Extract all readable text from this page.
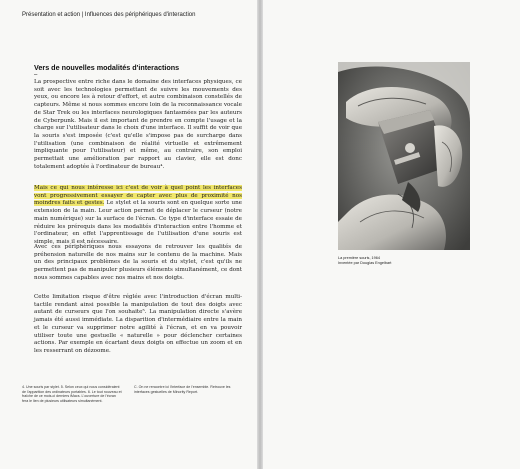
Présentation et action | Influences des périphériques d'interaction
Vers de nouvelles modalités d'interactions
–
La prospective entre riche dans le domaine des interfaces physiques, ce soit avec les technologies permettant de suivre les mouvements des yeux, ou encore les à retour d'effort, et autre combinaison constellés de capteurs. Même si nous sommes encore loin de la reconnaissance vocale de Star Trek ou les interfaces neurologiques fantasmées par les auteurs de Cyberpunk. Mais il est important de prendre en compte l'usage et la charge sur l'utilisateur dans le choix d'une interface. Il suffit de voir que la souris s'est imposée (c'est qu'elle s'impose pas de surcharge dans l'utilisation (une combinaison de réalité virtuelle et extrêmement impliquante pour l'utilisateur) et même, au contraire, son emploi permettait une amélioration par rapport au clavier, elle est donc totalement adoptée à l'ordinateur de bureau⁴.
Mais ce qui nous intéresse ici c'est de voir à quel point les interfaces vont progressivement essayer de capter avec plus de proximité nos moindres faits et gestes. Le stylet et la souris sont en quelque sorte une extension de la main. Leur action permet de déplacer le curseur (notre main numérique) sur la surface de l'écran. Ce type d'interface essaie de réduire les prérequis dans les modalités d'interaction entre l'homme et l'ordinateur, en effet l'apprentissage de l'utilisation d'une souris est simple, mais il est nécessaire.
Avec ces périphériques nous essayons de retrouver les qualités de préhension naturelle de nos mains sur le contenu de la machine. Mais un des principaux problèmes de la souris et du stylet, c'est qu'ils ne permettent pas de manipuler plusieurs éléments simultanément, ce dont nous sommes capables avec nos mains et nos doigts.
Cette limitation risque d'être réglée avec l'introduction d'écran multi-tactile rendant ainsi possible la manipulation de tout des doigts avec autant de curseurs que l'on souhaite⁵. La manipulation directe s'avère jamais été aussi immédiate. La disparition d'intermédiaire entre la main et le curseur va supprimer notre agilité à l'écran, et en va pouvoir utiliser toute une gestuelle « naturelle » pour déclencher certaines actions. Par exemple en écartant deux doigts on effectue un zoom et en les resserrant on dézoome.
4. Une souris par stylet. 5. Selon ceux qui nous considéraient de l'apparition des ordinateurs portables. 6. Le tout nouveau et fraîche de ce mois-ci derniers iMacs. L'ouverture de l'écran fera le lien de plusieurs utilisateurs simultanément.
C. On ne rencontre ici l'interface de l'ensemble. Retrouve les interfaces gestuelles de Minority Report.
La première souris, 1964
Inventée par Douglas Engelbart
